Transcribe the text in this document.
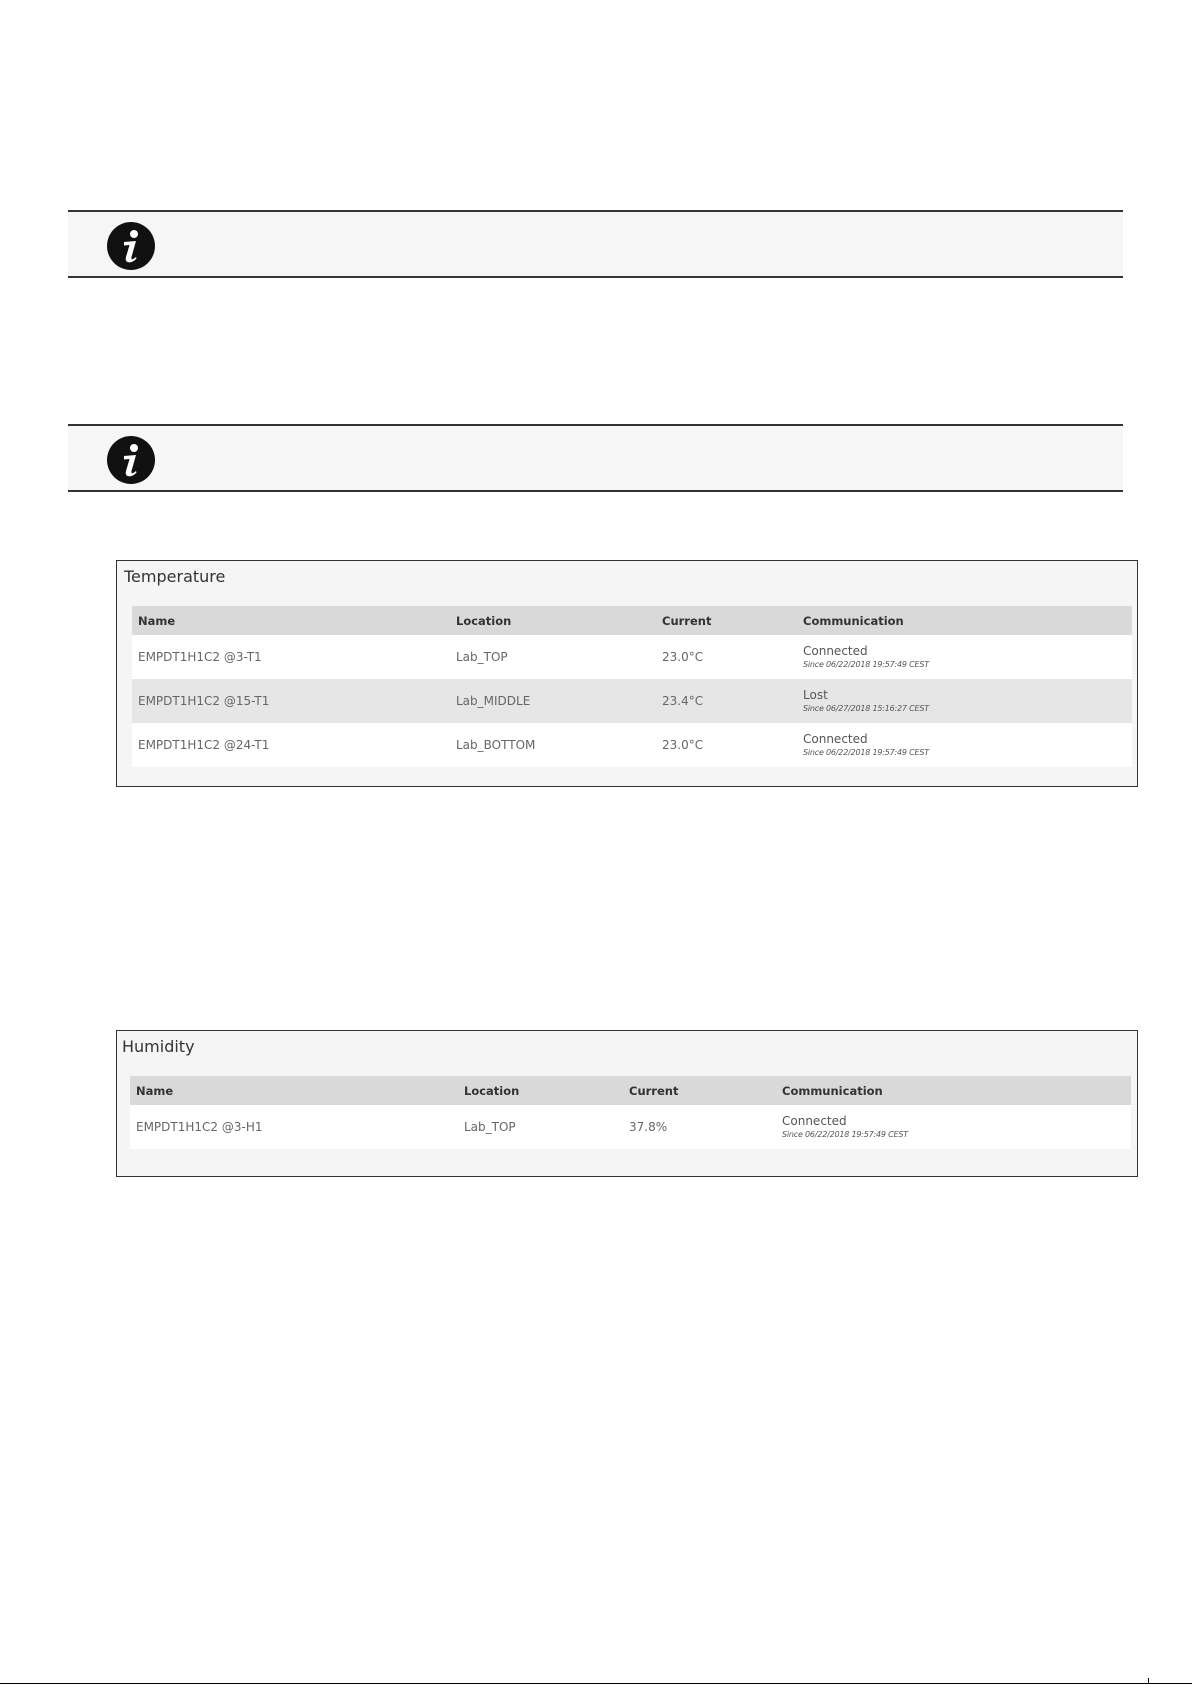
Temperature
Name	Location	Current	Communication
EMPDT1H1C2 @3-T1	Lab_TOP	23.0°C	Connected
Since 06/22/2018 19:57:49 CEST

EMPDT1H1C2 @15-T1	Lab_MIDDLE	23.4°C	Lost
Since 06/27/2018 15:16:27 CEST

EMPDT1H1C2 @24-T1	Lab_BOTTOM	23.0°C	Connected
Since 06/22/2018 19:57:49 CEST
Humidity
Name	Location	Current	Communication
EMPDT1H1C2 @3-H1	Lab_TOP	37.8%	Connected
Since 06/22/2018 19:57:49 CEST
